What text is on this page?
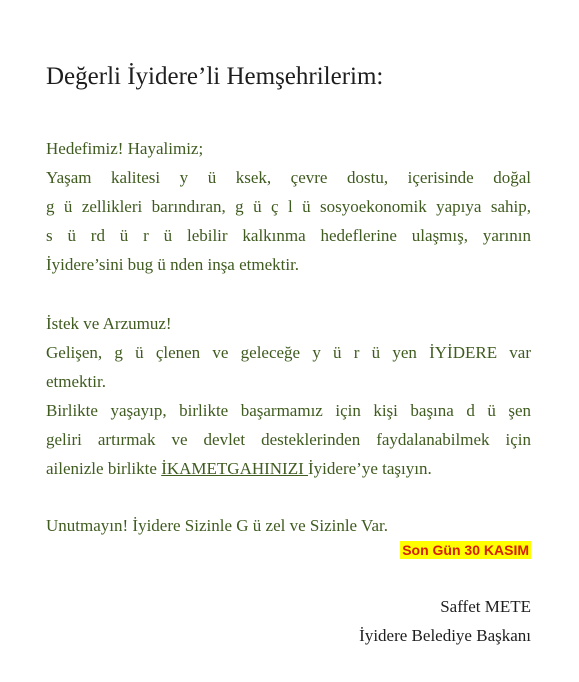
Değerli İyidere’li Hemşehrilerim:
Hedefimiz! Hayalimiz;
Yaşam kalitesi y ü ksek, çevre dostu, içerisinde doğal
g ü zellikleri barındıran, g ü ç l ü sosyoekonomik yapıya sahip,
s ü rd ü r ü lebilir kalkınma hedeflerine ulaşmış, yarının
İyidere’sini bug ü nden inşa etmektir.
İstek ve Arzumuz!
Gelişen, g ü çlenen ve geleceğe y ü r ü yen İYİDERE var
etmektir.
Birlikte yaşayıp, birlikte başarmamız için kişi başına d ü şen
geliri artırmak ve devlet desteklerinden faydalanabilmek için
ailenizle birlikte İKAMETGAHINIZI İyidere’ye taşıyın.
Unutmayın! İyidere Sizinle G ü zel ve Sizinle Var.
Son Gün 30 KASIM
Saffet METE
İyidere Belediye Başkanı
